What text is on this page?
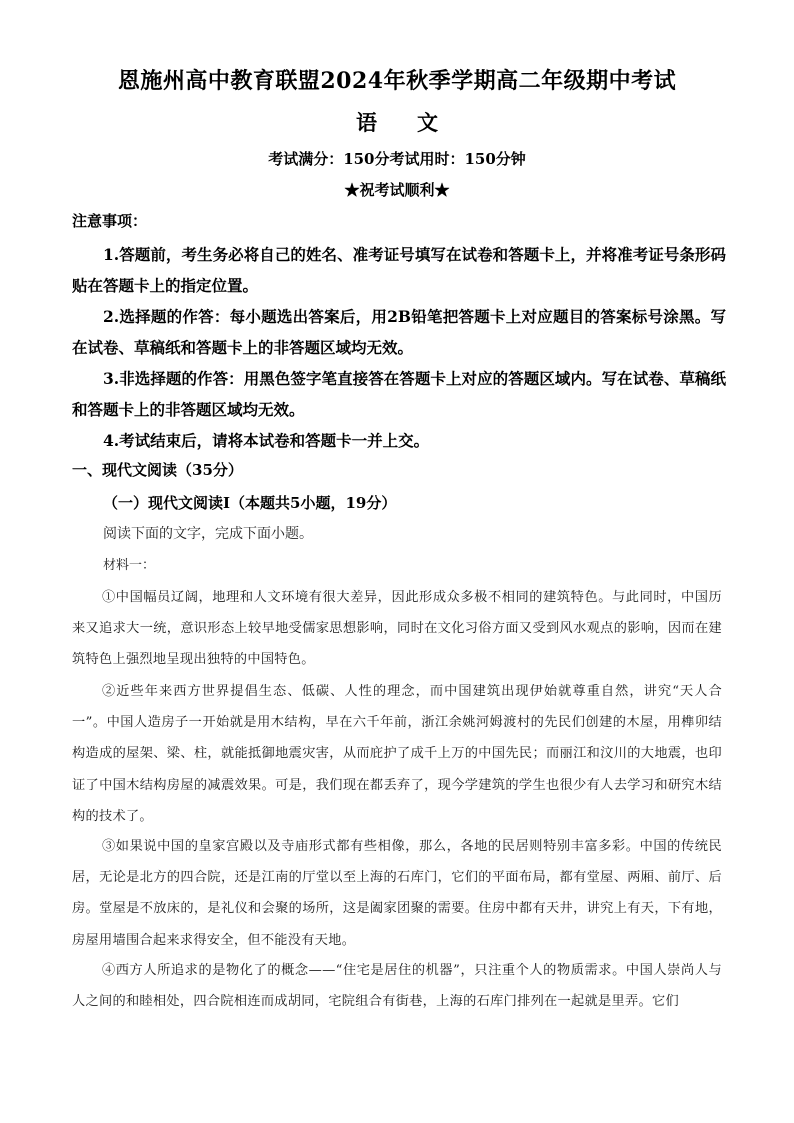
恩施州高中教育联盟2024年秋季学期高二年级期中考试
语 文
考试满分：150分考试用时：150分钟
★祝考试顺利★
注意事项：

1.答题前，考生务必将自己的姓名、准考证号填写在试卷和答题卡上，并将准考证号条形码贴在答题卡上的指定位置。

2.选择题的作答：每小题选出答案后，用2B铅笔把答题卡上对应题目的答案标号涂黑。写在试卷、草稿纸和答题卡上的非答题区域均无效。

3.非选择题的作答：用黑色签字笔直接答在答题卡上对应的答题区域内。写在试卷、草稿纸和答题卡上的非答题区域均无效。

4.考试结束后，请将本试卷和答题卡一并上交。

一、现代文阅读（35分）
（一）现代文阅读Ⅰ（本题共5小题，19分）
阅读下面的文字，完成下面小题。
材料一：

①中国幅员辽阔，地理和人文环境有很大差异，因此形成众多极不相同的建筑特色。与此同时，中国历来又追求大一统，意识形态上较早地受儒家思想影响，同时在文化习俗方面又受到风水观点的影响，因而在建筑特色上强烈地呈现出独特的中国特色。

②近些年来西方世界提倡生态、低碳、人性的理念，而中国建筑出现伊始就尊重自然，讲究“天人合一”。中国人造房子一开始就是用木结构，早在六千年前，浙江余姚河姆渡村的先民们创建的木屋，用榫卯结构造成的屋架、梁、柱，就能抵御地震灾害，从而庇护了成千上万的中国先民；而丽江和汶川的大地震，也印证了中国木结构房屋的减震效果。可是，我们现在都丢弃了，现今学建筑的学生也很少有人去学习和研究木结构的技术了。

③如果说中国的皇家宫殿以及寺庙形式都有些相像，那么，各地的民居则特别丰富多彩。中国的传统民居，无论是北方的四合院，还是江南的厅堂以至上海的石库门，它们的平面布局，都有堂屋、两厢、前厅、后房。堂屋是不放床的，是礼仪和会聚的场所，这是阖家团聚的需要。住房中都有天井，讲究上有天，下有地，房屋用墙围合起来求得安全，但不能没有天地。

④西方人所追求的是物化了的概念——“住宅是居住的机器”，只注重个人的物质需求。中国人崇尚人与人之间的和睦相处，四合院相连而成胡同，宅院组合有街巷，上海的石库门排列在一起就是里弄。它们
